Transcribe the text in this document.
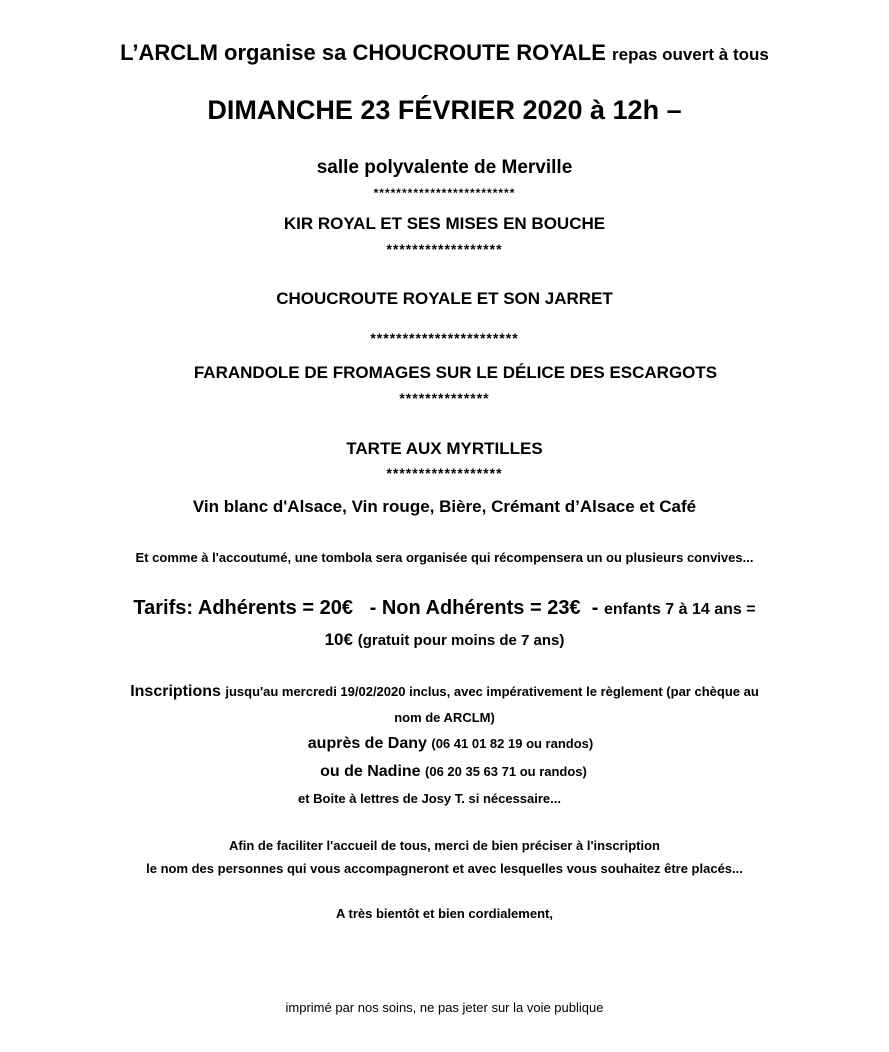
L’ARCLM organise sa CHOUCROUTE ROYALE repas ouvert à tous
DIMANCHE 23 FÉVRIER 2020 à 12h –
salle polyvalente de Merville
*************************
KIR ROYAL ET SES MISES EN BOUCHE
******************
CHOUCROUTE ROYALE ET SON JARRET
***********************
FARANDOLE DE FROMAGES SUR LE DÉLICE DES ESCARGOTS
**************
TARTE AUX MYRTILLES
******************
Vin blanc d'Alsace, Vin rouge, Bière, Crémant d’Alsace et Café
Et comme à l'accoutumé, une tombola sera organisée qui récompensera un ou plusieurs convives...
Tarifs: Adhérents = 20€   - Non Adhérents = 23€  - enfants 7 à 14 ans =
10€ (gratuit pour moins de 7 ans)
Inscriptions jusqu'au mercredi 19/02/2020 inclus, avec impérativement le règlement (par chèque au
nom de ARCLM)
auprès de Dany (06 41 01 82 19 ou randos)
ou de Nadine (06 20 35 63 71 ou randos)
et Boite à lettres de Josy T. si nécessaire...
Afin de faciliter l'accueil de tous, merci de bien préciser à l'inscription
le nom des personnes qui vous accompagneront et avec lesquelles vous souhaitez être placés...
A très bientôt et bien cordialement,
imprimé par nos soins, ne pas jeter sur la voie publique
